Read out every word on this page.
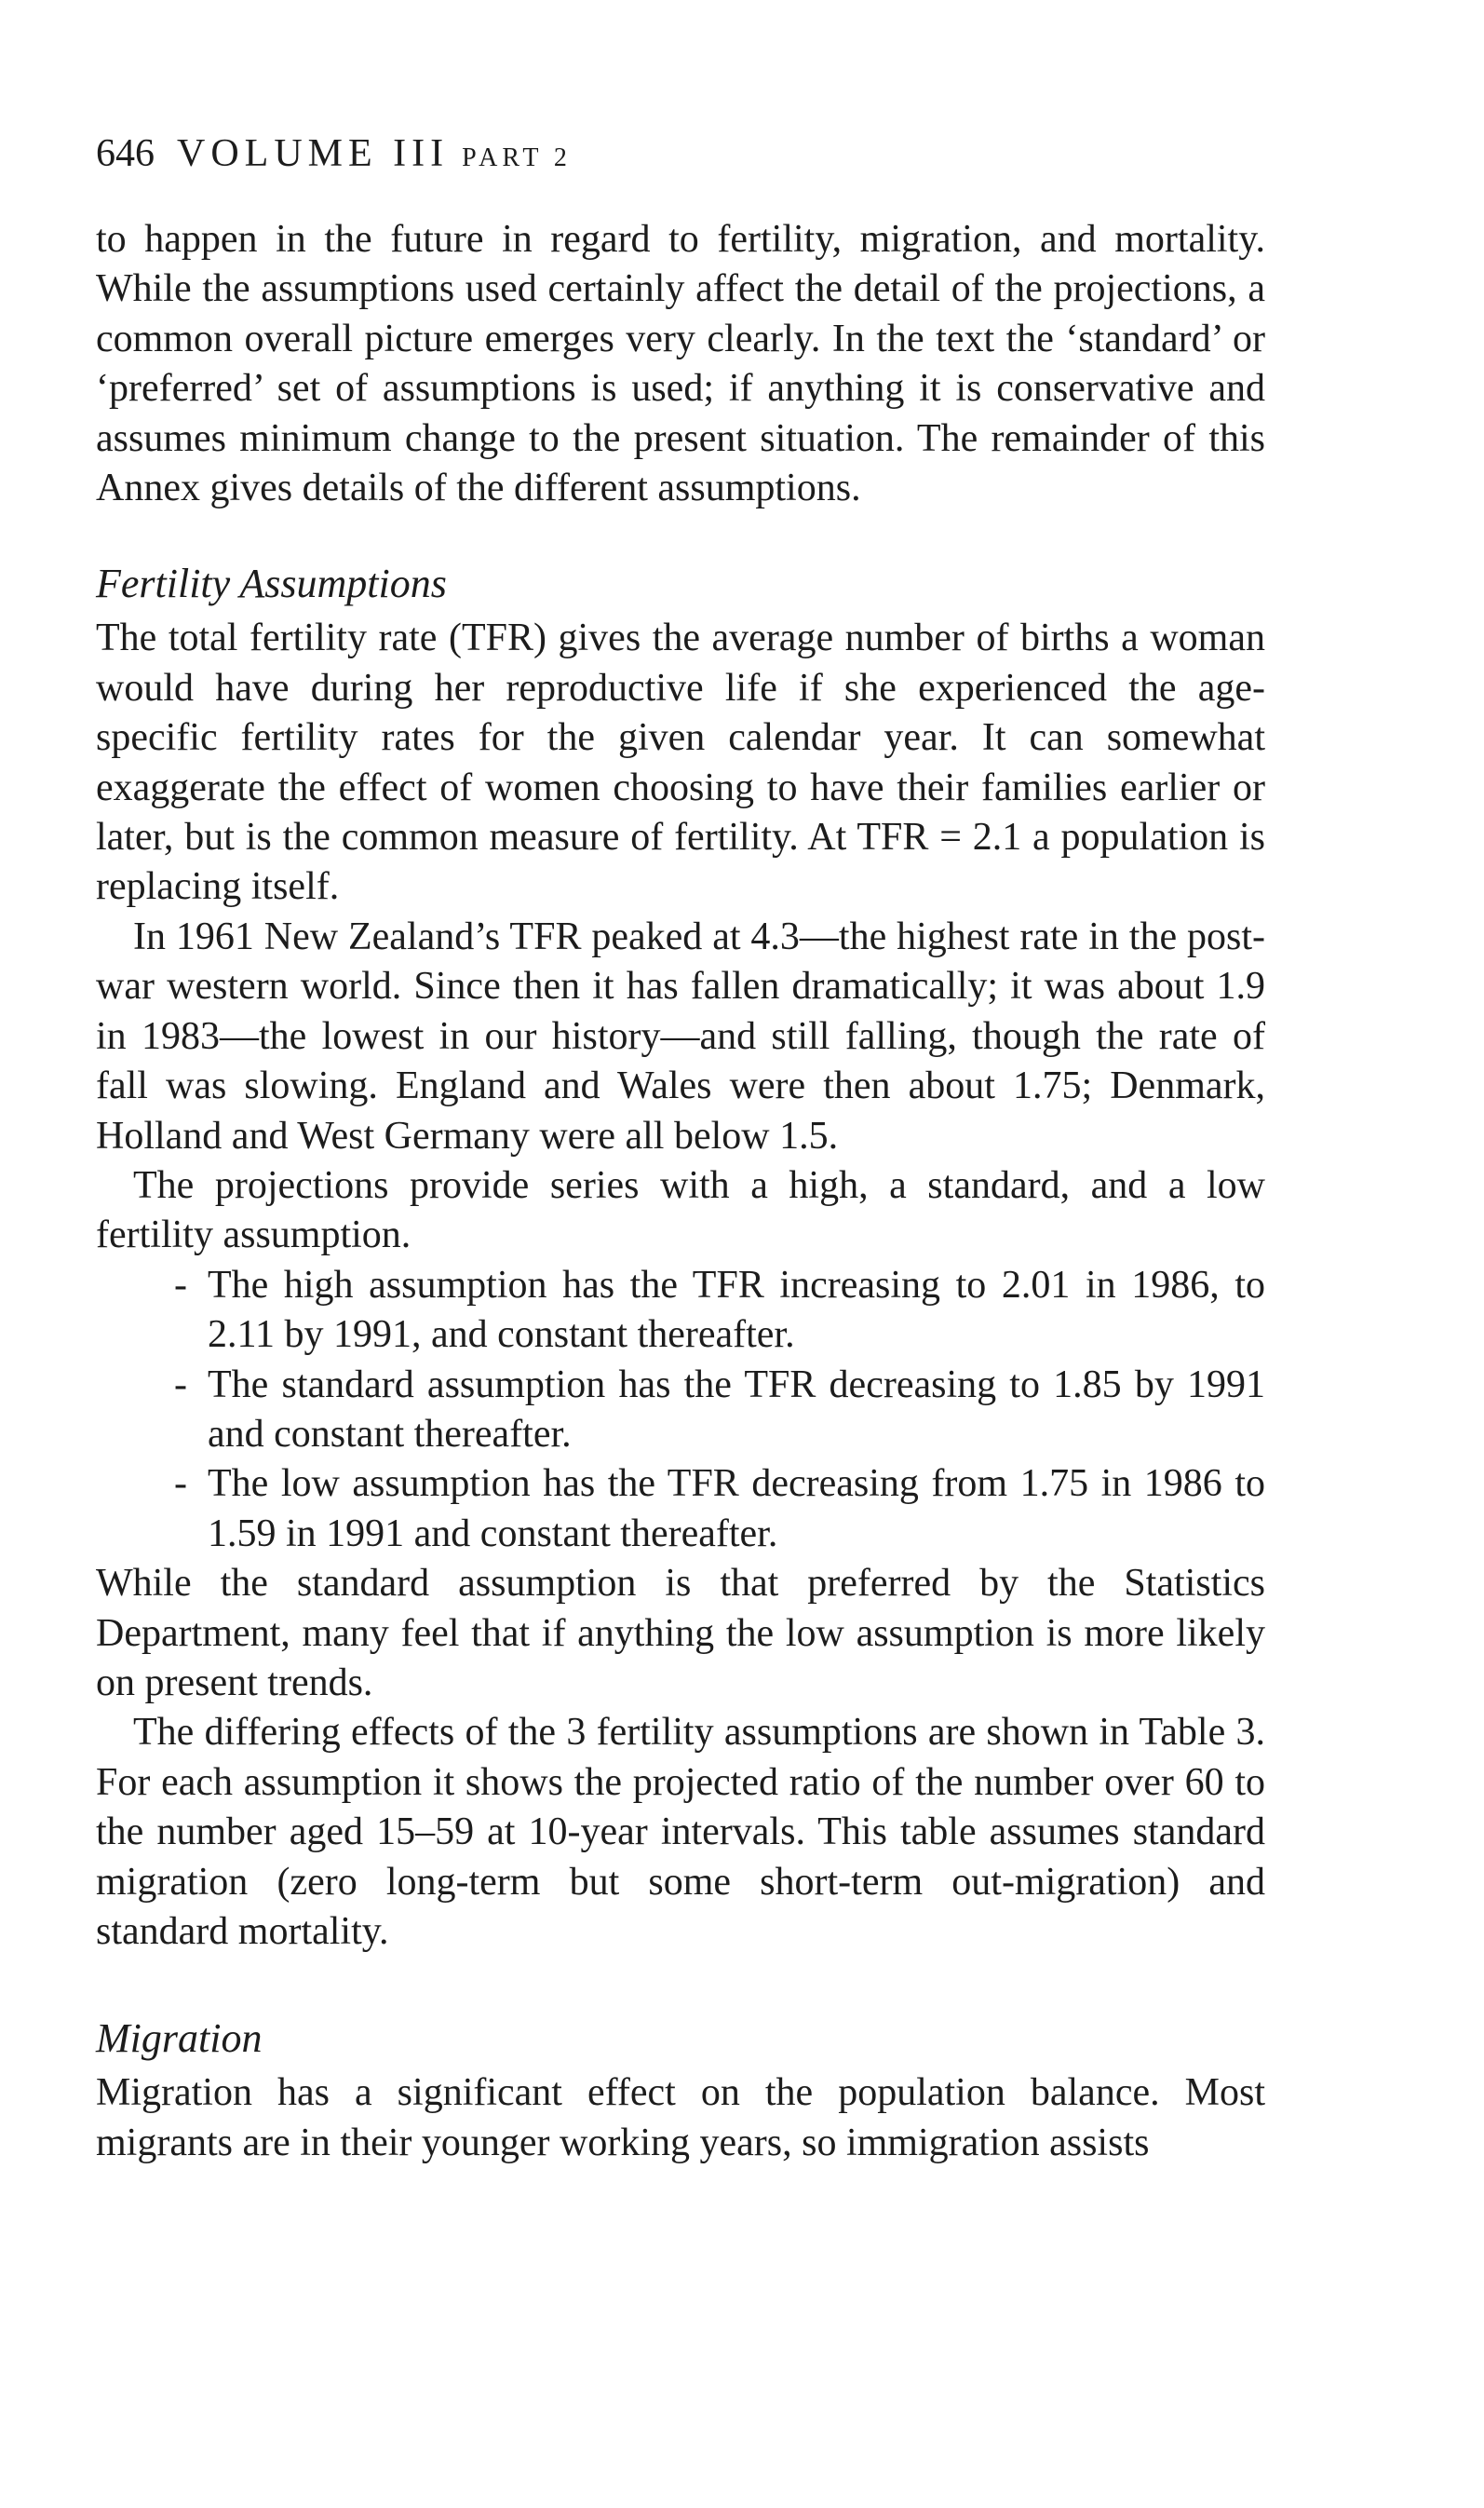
646 VOLUME III PART 2

to happen in the future in regard to fertility, migration, and mortality. While the assumptions used certainly affect the detail of the projections, a common overall picture emerges very clearly. In the text the ‘standard’ or ‘preferred’ set of assumptions is used; if anything it is conservative and assumes minimum change to the present situation. The remainder of this Annex gives details of the different assumptions.

Fertility Assumptions

The total fertility rate (TFR) gives the average number of births a woman would have during her reproductive life if she experienced the age-specific fertility rates for the given calendar year. It can somewhat exaggerate the effect of women choosing to have their families earlier or later, but is the common measure of fertility. At TFR = 2.1 a population is replacing itself.

In 1961 New Zealand’s TFR peaked at 4.3—the highest rate in the post-war western world. Since then it has fallen dramatically; it was about 1.9 in 1983—the lowest in our history—and still falling, though the rate of fall was slowing. England and Wales were then about 1.75; Denmark, Holland and West Germany were all below 1.5.

The projections provide series with a high, a standard, and a low fertility assumption.

- The high assumption has the TFR increasing to 2.01 in 1986, to 2.11 by 1991, and constant thereafter.
- The standard assumption has the TFR decreasing to 1.85 by 1991 and constant thereafter.
- The low assumption has the TFR decreasing from 1.75 in 1986 to 1.59 in 1991 and constant thereafter.

While the standard assumption is that preferred by the Statistics Department, many feel that if anything the low assumption is more likely on present trends.

The differing effects of the 3 fertility assumptions are shown in Table 3. For each assumption it shows the projected ratio of the number over 60 to the number aged 15–59 at 10-year intervals. This table assumes standard migration (zero long-term but some short-term out-migration) and standard mortality.

Migration

Migration has a significant effect on the population balance. Most migrants are in their younger working years, so immigration assists
